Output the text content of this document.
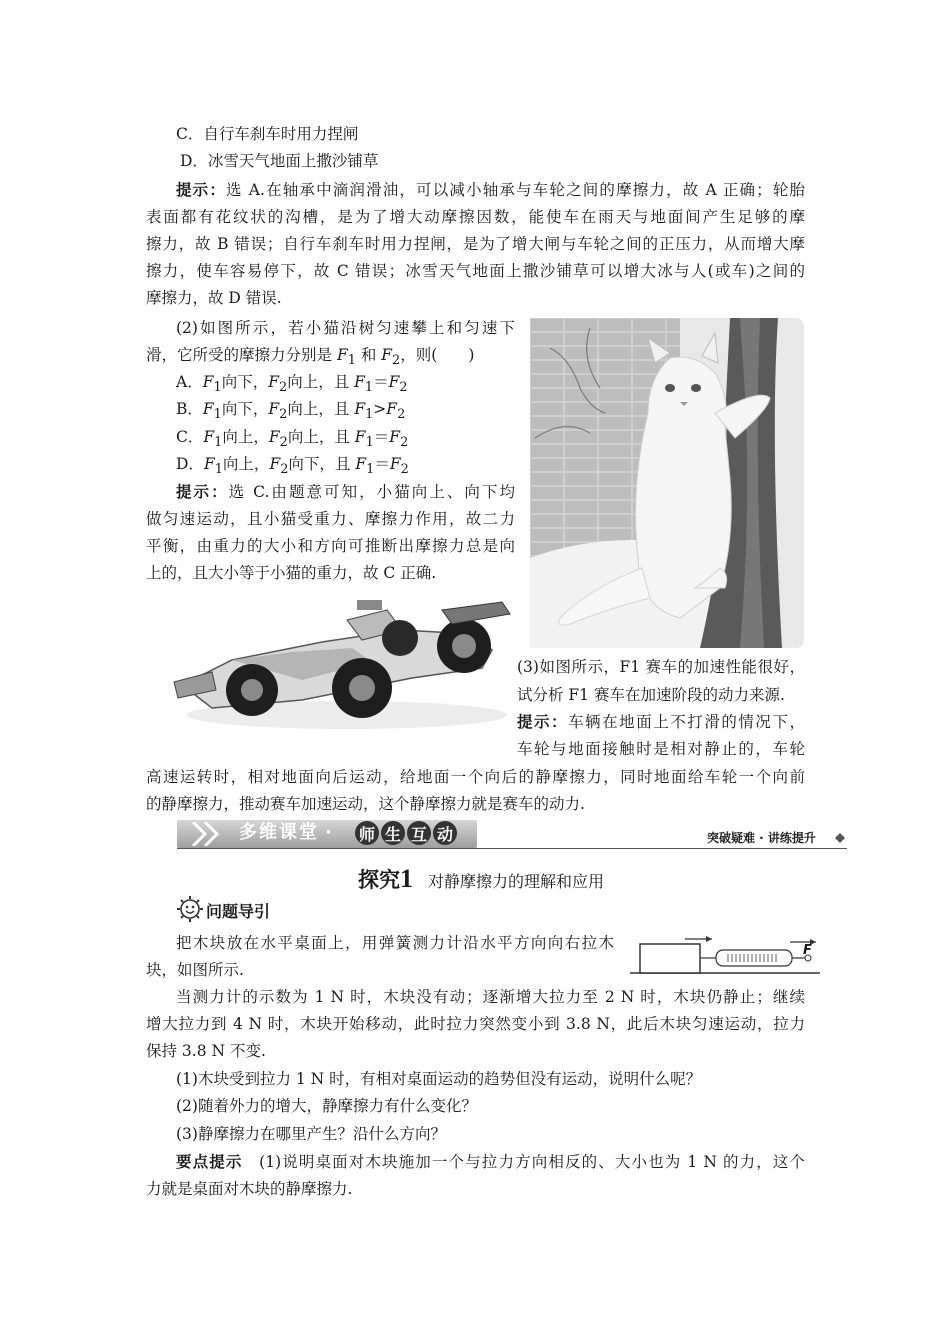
C．自行车刹车时用力捏闸
D．冰雪天气地面上撒沙铺草
提示：选 A.在轴承中滴润滑油，可以减小轴承与车轮之间的摩擦力，故 A 正确；轮胎
表面都有花纹状的沟槽，是为了增大动摩擦因数，能使车在雨天与地面间产生足够的摩
擦力，故 B 错误；自行车刹车时用力捏闸，是为了增大闸与车轮之间的正压力，从而增大摩
擦力，使车容易停下，故 C 错误；冰雪天气地面上撒沙铺草可以增大冰与人(或车)之间的
摩擦力，故 D 错误.
(2)如图所示，若小猫沿树匀速攀上和匀速下
滑，它所受的摩擦力分别是 $F_1$ 和 $F_2$，则(　　)
A．$F_1$向下，$F_2$向上，且 $F_1=F_2$
B．$F_1$向下，$F_2$向上，且 $F_1>F_2$
C．$F_1$向上，$F_2$向上，且 $F_1=F_2$
D．$F_1$向上，$F_2$向下，且 $F_1=F_2$
提示：选 C.由题意可知，小猫向上、向下均
做匀速运动，且小猫受重力、摩擦力作用，故二力
平衡，由重力的大小和方向可推断出摩擦力总是向
上的，且大小等于小猫的重力，故 C 正确.
(3)如图所示，F1 赛车的加速性能很好，
试分析 F1 赛车在加速阶段的动力来源.
提示：车辆在地面上不打滑的情况下，
车轮与地面接触时是相对静止的，车轮
高速运转时，相对地面向后运动，给地面一个向后的静摩擦力，同时地面给车轮一个向前
的静摩擦力，推动赛车加速运动，这个静摩擦力就是赛车的动力.
多维课堂 ·	师 生 互 动	突破疑难 · 讲练提升
探究1 对静摩擦力的理解和应用
问题导引
把木块放在水平桌面上，用弹簧测力计沿水平方向向右拉木
块，如图所示.
F
当测力计的示数为 1 N 时，木块没有动；逐渐增大拉力至 2 N 时，木块仍静止；继续
增大拉力到 4 N 时，木块开始移动，此时拉力突然变小到 3.8 N，此后木块匀速运动，拉力
保持 3.8 N 不变.
(1)木块受到拉力 1 N 时，有相对桌面运动的趋势但没有运动，说明什么呢？
(2)随着外力的增大，静摩擦力有什么变化？
(3)静摩擦力在哪里产生？沿什么方向？
要点提示　(1)说明桌面对木块施加一个与拉力方向相反的、大小也为 1 N 的力，这个
力就是桌面对木块的静摩擦力.
